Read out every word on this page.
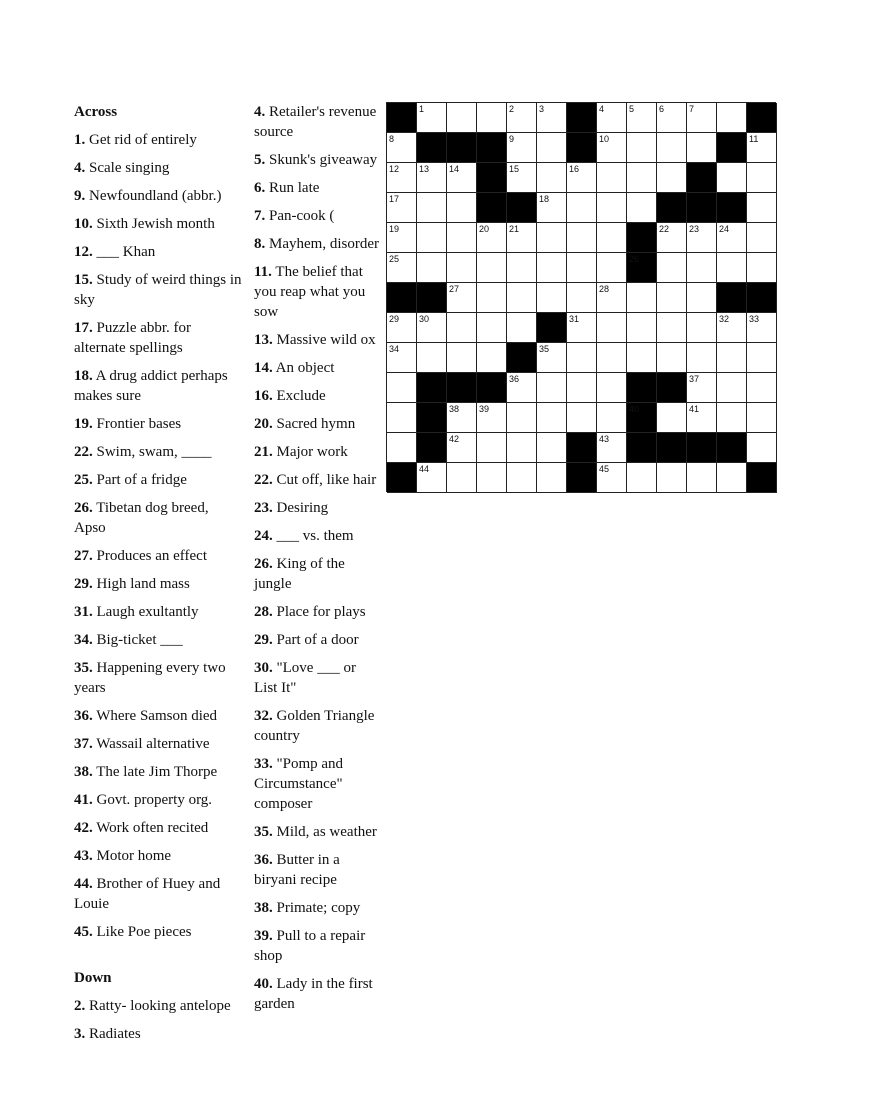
Across
1. Get rid of entirely
4. Scale singing
9. Newfoundland (abbr.)
10. Sixth Jewish month
12. ___ Khan
15. Study of weird things in sky
17. Puzzle abbr. for alternate spellings
18. A drug addict perhaps makes sure
19. Frontier bases
22. Swim, swam, ____
25. Part of a fridge
26. Tibetan dog breed, Apso
27. Produces an effect
29. High land mass
31. Laugh exultantly
34. Big-ticket ___
35. Happening every two years
36. Where Samson died
37. Wassail alternative
38. The late Jim Thorpe
41. Govt. property org.
42. Work often recited
43. Motor home
44. Brother of Huey and Louie
45. Like Poe pieces
Down
2. Ratty- looking antelope
3. Radiates
4. Retailer's revenue source
5. Skunk's giveaway
6. Run late
7. Pan-cook (
8. Mayhem, disorder
11. The belief that you reap what you sow
13. Massive wild ox
14. An object
16. Exclude
20. Sacred hymn
21. Major work
22. Cut off, like hair
23. Desiring
24. ___ vs. them
26. King of the jungle
28. Place for plays
29. Part of a door
30. "Love ___ or List It"
32. Golden Triangle country
33. "Pomp and Circumstance" composer
35. Mild, as weather
36. Butter in a biryani recipe
38. Primate; copy
39. Pull to a repair shop
40. Lady in the first garden
1	2	3	4	5	6	7
8	9	10	11
12 13 14	15	16
17	18
19	20 21	22 23 24
25	26
27	28
29 30	31	32 33
34	35
36	37
38 39	40	41
42	43
44	45
